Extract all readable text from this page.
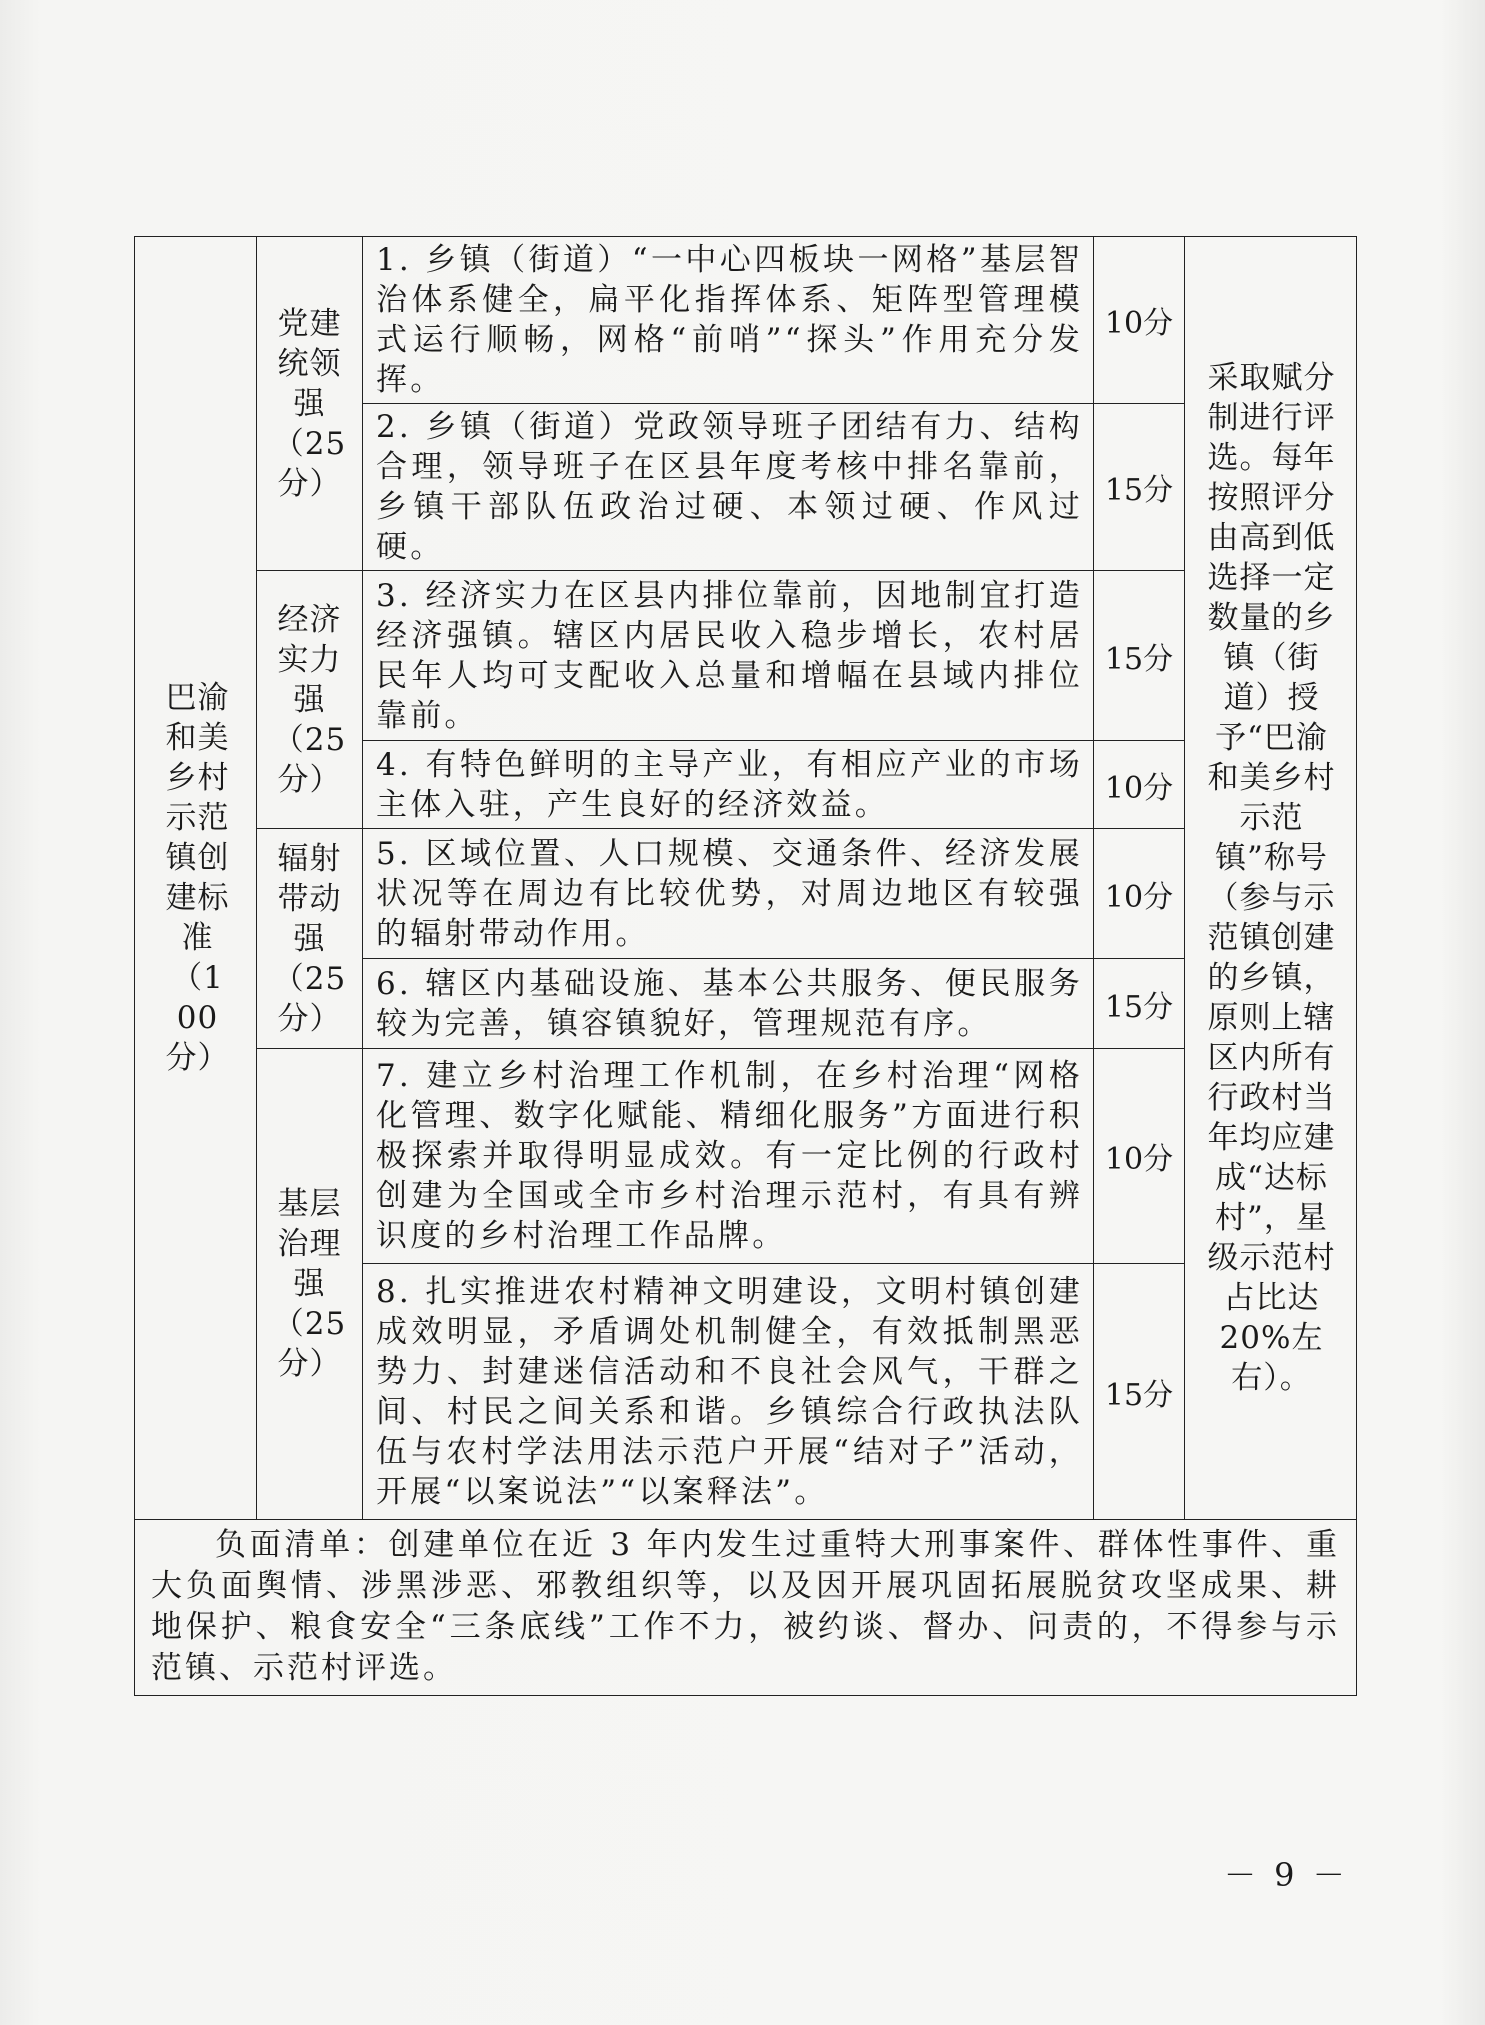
巴渝和美乡村示范镇创建标准（100分）	党建统领强（25分）	1. 乡镇（街道）“一中心四板块一网格”基层智治体系健全，扁平化指挥体系、矩阵型管理模式运行顺畅，网格“前哨”“探头”作用充分发挥。	10分	采取赋分制进行评选。每年按照评分由高到低选择一定数量的乡镇（街道）授予“巴渝和美乡村示范镇”称号（参与示范镇创建的乡镇，原则上辖区内所有行政村当年均应建成“达标村”，星级示范村占比达 20%左右）。

		2. 乡镇（街道）党政领导班子团结有力、结构合理，领导班子在区县年度考核中排名靠前，乡镇干部队伍政治过硬、本领过硬、作风过硬。	15分	

	经济实力强（25分）	3. 经济实力在区县内排位靠前，因地制宜打造经济强镇。辖区内居民收入稳步增长，农村居民年人均可支配收入总量和增幅在县域内排位靠前。	15分	

		4. 有特色鲜明的主导产业，有相应产业的市场主体入驻，产生良好的经济效益。	10分	

	辐射带动强（25分）	5. 区域位置、人口规模、交通条件、经济发展状况等在周边有比较优势，对周边地区有较强的辐射带动作用。	10分	

		6. 辖区内基础设施、基本公共服务、便民服务较为完善，镇容镇貌好，管理规范有序。	15分	

	基层治理强（25分）	7. 建立乡村治理工作机制，在乡村治理“网格化管理、数字化赋能、精细化服务”方面进行积极探索并取得明显成效。有一定比例的行政村创建为全国或全市乡村治理示范村，有具有辨识度的乡村治理工作品牌。	10分	

		8. 扎实推进农村精神文明建设，文明村镇创建成效明显，矛盾调处机制健全，有效抵制黑恶势力、封建迷信活动和不良社会风气，干群之间、村民之间关系和谐。乡镇综合行政执法队伍与农村学法用法示范户开展“结对子”活动，开展“以案说法”“以案释法”。	15分	

负面清单：创建单位在近 3 年内发生过重特大刑事案件、群体性事件、重大负面舆情、涉黑涉恶、邪教组织等，以及因开展巩固拓展脱贫攻坚成果、耕地保护、粮食安全“三条底线”工作不力，被约谈、督办、问责的，不得参与示范镇、示范村评选。				
－ 9 －
